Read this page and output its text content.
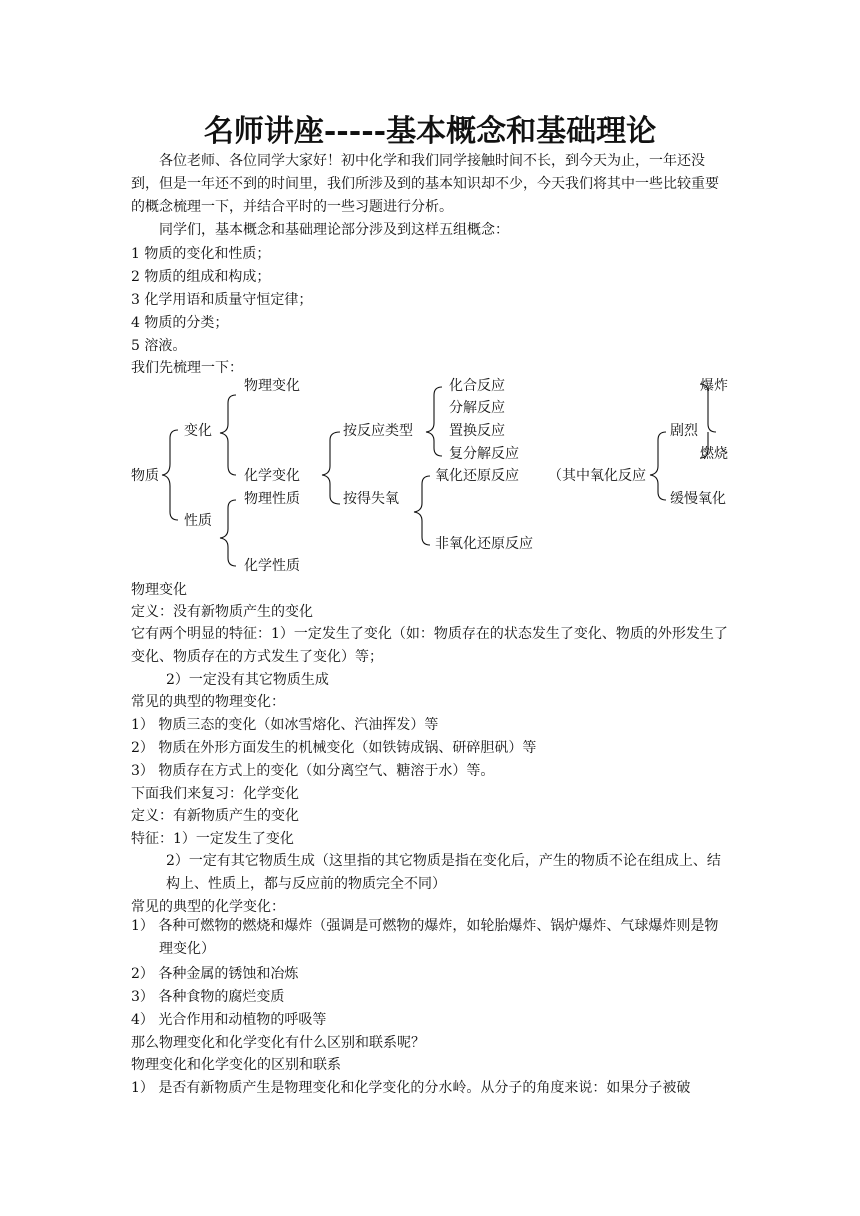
名师讲座-----基本概念和基础理论

各位老师、各位同学大家好！初中化学和我们同学接触时间不长，到今天为止，一年还没到，但是一年还不到的时间里，我们所涉及到的基本知识却不少，今天我们将其中一些比较重要的概念梳理一下，并结合平时的一些习题进行分析。

同学们，基本概念和基础理论部分涉及到这样五组概念：

1 物质的变化和性质；
2 物质的组成和构成；
3 化学用语和质量守恒定律；
4 物质的分类；
5 溶液。
我们先梳理一下：
物质
变化
性质
物理变化
化学变化
物理性质
化学性质
按反应类型
按得失氧
化合反应
分解反应
置换反应
复分解反应
氧化还原反应
非氧化还原反应
（其中氧化反应
剧烈
缓慢氧化
爆炸
燃烧
物理变化
定义：没有新物质产生的变化

它有两个明显的特征：1）一定发生了变化（如：物质存在的状态发生了变化、物质的外形发生了变化、物质存在的方式发生了变化）等；

2）一定没有其它物质生成
常见的典型的物理变化：
1） 物质三态的变化（如冰雪熔化、汽油挥发）等
2） 物质在外形方面发生的机械变化（如铁铸成锅、研碎胆矾）等
3） 物质存在方式上的变化（如分离空气、糖溶于水）等。
下面我们来复习：化学变化
定义：有新物质产生的变化
特征：1）一定发生了变化

2）一定有其它物质生成（这里指的其它物质是指在变化后，产生的物质不论在组成上、结构上、性质上，都与反应前的物质完全不同）

常见的典型的化学变化：

1） 各种可燃物的燃烧和爆炸（强调是可燃物的爆炸，如轮胎爆炸、锅炉爆炸、气球爆炸则是物理变化）

2） 各种金属的锈蚀和冶炼
3） 各种食物的腐烂变质
4） 光合作用和动植物的呼吸等
那么物理变化和化学变化有什么区别和联系呢？
物理变化和化学变化的区别和联系
1） 是否有新物质产生是物理变化和化学变化的分水岭。从分子的角度来说：如果分子被破
